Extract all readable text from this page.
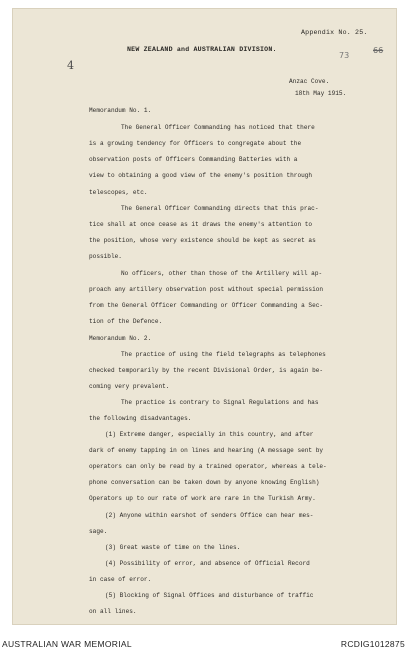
Appendix No. 25.
NEW ZEALAND and AUSTRALIAN DIVISION.	66
73
4
Anzac Cove.
18th May 1915.
Memorandum No. 1.
The General Officer Commanding has noticed that there
is a growing tendency for Officers to congregate about the
observation posts of Officers Commanding Batteries with a
view to obtaining a good view of the enemy's position through
telescopes, etc.
The General Officer Commanding directs that this prac-
tice shall at once cease as it draws the enemy's attention to
the position, whose very existence should be kept as secret as
possible.
No officers, other than those of the Artillery will ap-
proach any artillery observation post without special permission
from the General Officer Commanding or Officer Commanding a Sec-
tion of the Defence.
Memorandum No. 2.
The practice of using the field telegraphs as telephones
checked temporarily by the recent Divisional Order, is again be-
coming very prevalent.
The practice is contrary to Signal Regulations and has
the following disadvantages.
(1) Extreme danger, especially in this country, and after
dark of enemy tapping in on lines and hearing (A message sent by
operators can only be read by a trained operator, whereas a tele-
phone conversation can be taken down by anyone knowing English)
Operators up to our rate of work are rare in the Turkish Army.
(2) Anyone within earshot of senders Office can hear mes-
sage.
(3) Great waste of time on the lines.
(4) Possibility of error, and absence of Official Record
in case of error.
(5) Blocking of Signal Offices and disturbance of traffic
on all lines.
AUSTRALIAN WAR MEMORIAL	RCDIG1012875
